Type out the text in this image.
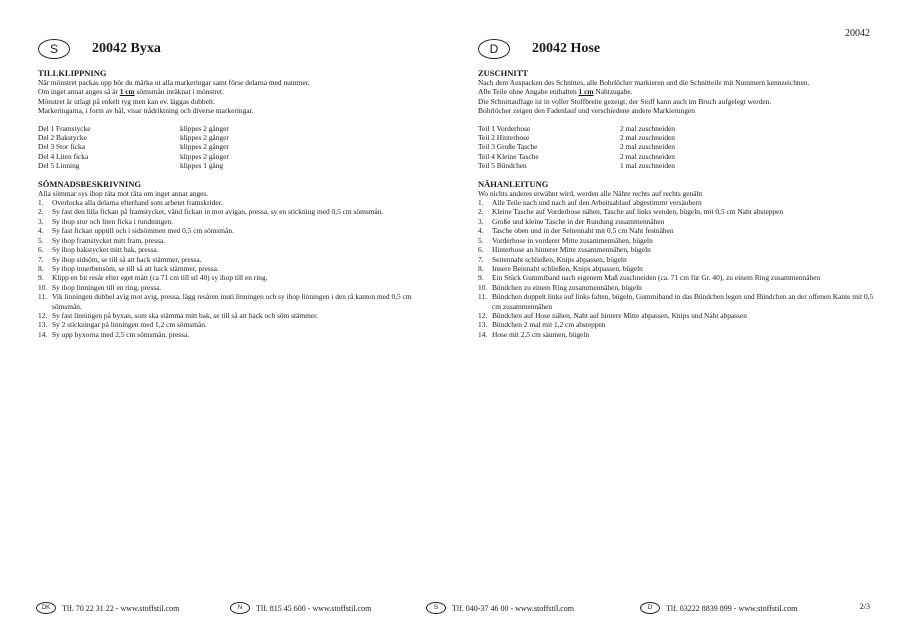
20042
S	20042 Byxa
TILLKLIPPNING
När mönstret packas upp bör du märka ut alla markeringar samt förse delarna med nummer.
Om inget annat anges så är 1 cm sömsmån inräknat i mönstret.
Mönstret är utlagt på enkelt tyg men kan ev. läggas dubbelt.
Markeringarna, i form av hål, visar trådriktning och diverse markeringar.
Del 1 Framstycke	klippes 2 gånger
Del 2 Bakstycke	klippes 2 gånger
Del 3 Stor ficka	klippes 2 gånger
Del 4 Liten ficka	klippes 2 gånger
Del 5 Linning	klippes 1 gång
SÖMNADSBESKRIVNING
Alla sömmar sys ihop räta mot räta om inget annat anges.
1.	Overlocka alla delarna efterhand som arbetet framskrider.
2.	Sy fast den lilla fickan på framstycket, vänd fickan in mot avigan, pressa, sy en stickning med 0,5 cm sömsmån.
3.	Sy ihop stor och liten ficka i rundningen.
4.	Sy fast fickan upptill och i sidsömmen med 0,5 cm sömsmån.
5.	Sy ihop framstycket mitt fram, pressa.
6.	Sy ihop bakstycket mitt bak, pressa.
7.	Sy ihop sidsöm, se till så att hack stämmer, pressa.
8.	Sy ihop innerbensöm, se till så att hack stämmer, pressa.
9.	Klipp en bit resår efter eget mått (ca 71 cm till stl 40) sy ihop till en ring.
10. Sy ihop linningen till en ring, pressa.
11. Vik linningen dubbel avig mot avig, pressa, lägg resåren inuti linningen och sy ihop linningen i den rå kanten med 0,5 cm sömsmån.
12. Sy fast linningen på byxan, som ska stämma mitt bak, se till så att hack och söm stämmer.
13. Sy 2 stickningar på linningen med 1,2 cm sömsmån.
14. Sy upp byxorna med 2,5 cm sömsmån, pressa.
D	20042 Hose
ZUSCHNITT
Nach dem Auspacken des Schnittes, alle Bohrlöcher markieren und die Schnitteile mit Nummern kennzeichnen.
Alle Teile ohne Angabe enthalten 1 cm Nahtzugabe.
Die Schnittauflage ist in voller Stoffbreite gezeigt, der Stoff kann auch im Bruch aufgelegt werden.
Bohrlöcher zeigen den Fadenlauf und verschiedene andere Markierungen
Teil 1 Vorderhose	2 mal zuschneiden
Teil 2 Hinterhose	2 mal zuschneiden
Teil 3 Große Tasche	2 mal zuschneiden
Teil 4 Kleine Tasche	2 mal zuschneiden
Teil 5 Bündchen	1 mal zuschneiden
NÄHANLEITUNG
Wo nichts anderes erwähnt wird, werden alle Nähte rechts auf rechts genäht
1.	Alle Teile nach und nach auf den Arbeitsablauf abgestimmt versäubern
2.	Kleine Tasche auf Vorderhose nähen, Tasche auf links wenden, bügeln, mit 0,5 cm Naht absteppen
3.	Große und kleine Tasche in der Rundung zusammennähen
4.	Tasche oben und in der Seitennaht mit 0,5 cm Naht festnähen
5.	Vorderhose in vorderer Mitte zusammennähen, bügeln
6.	Hinterhose an hinterer Mitte zusammennähen, bügeln
7.	Seitennaht schließen, Knips abpassen, bügeln
8.	Innere Beinnaht schließen, Knips abpassen, bügeln
9.	Ein Stück Gummiband nach eigenem Maß zuschneiden (ca. 71 cm für Gr. 40), zu einem Ring zusammennähen
10. Bündchen zu einem Ring zusammennähen, bügeln
11. Bündchen doppelt links auf links falten, bügeln, Gummiband in das Bündchen legen und Bündchen an der offenen Kante mit 0,5 cm zusammennähen
12. Bündchen auf Hose nähen, Naht auf hintere Mitte abpassen, Knips und Naht abpassen
13. Bündchen 2 mal mit 1,2 cm absteppen
14. Hose mit 2,5 cm säumen, bügeln
DK	Tlf. 70 22 31 22 - www.stoffstil.com	N	Tlf. 815 45 600 - www.stoffstil.com	S	Tlf. 040-37 46 00 - www.stoffstil.com	D	Tlf. 03222 8839 899 - www.stoffstil.com	2/3
